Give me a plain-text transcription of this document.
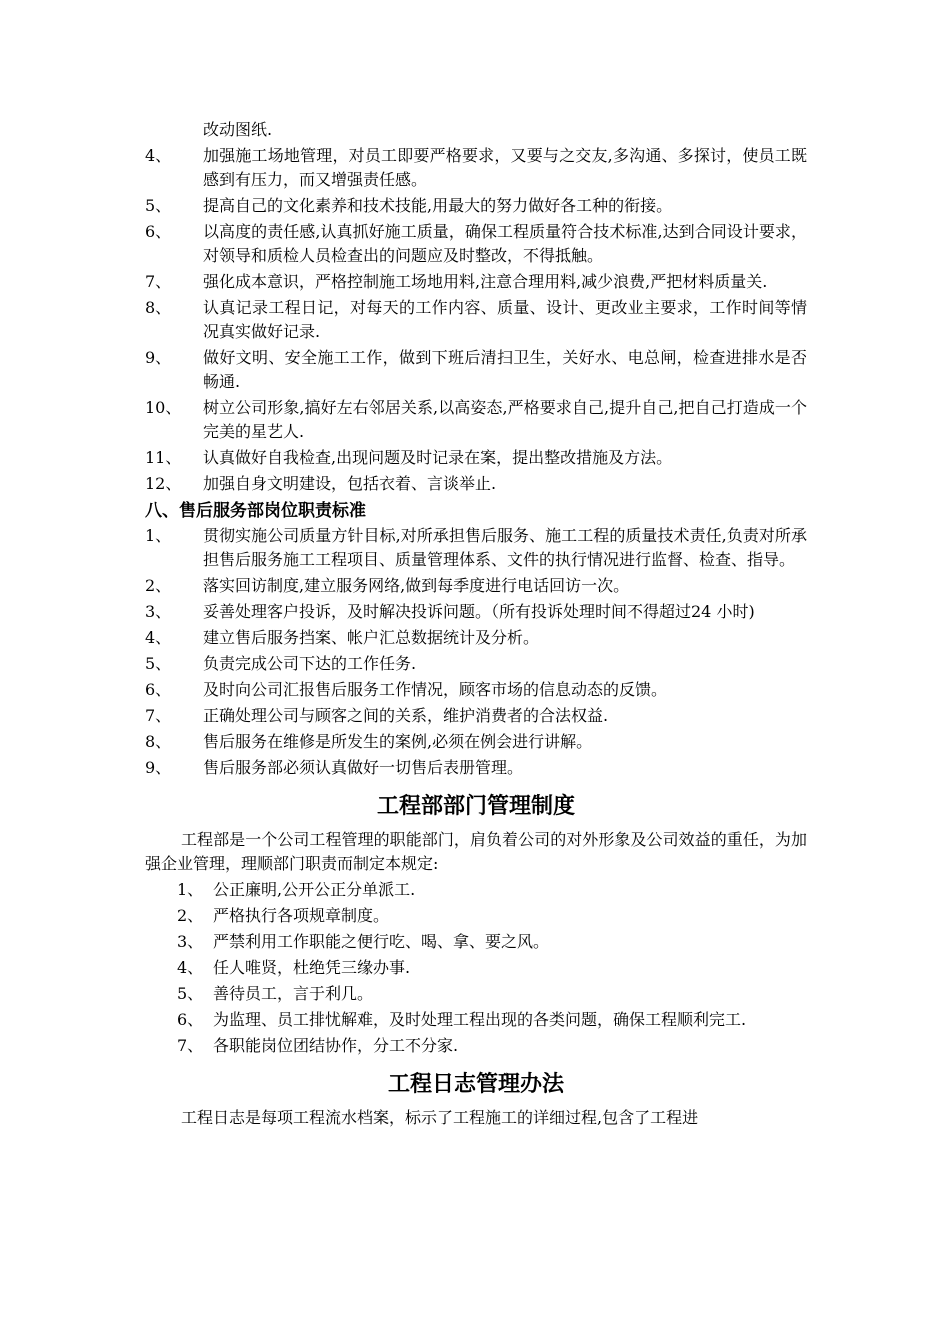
改动图纸.
4、	加强施工场地管理，对员工即要严格要求，又要与之交友,多沟通、多探讨，使员工既感到有压力，而又增强责任感。
5、	提高自己的文化素养和技术技能,用最大的努力做好各工种的衔接。
6、	以高度的责任感,认真抓好施工质量，确保工程质量符合技术标准,达到合同设计要求，对领导和质检人员检查出的问题应及时整改，不得抵触。
7、	强化成本意识，严格控制施工场地用料,注意合理用料,减少浪费,严把材料质量关.
8、	认真记录工程日记，对每天的工作内容、质量、设计、更改业主要求，工作时间等情况真实做好记录.
9、	做好文明、安全施工工作，做到下班后清扫卫生，关好水、电总闸，检查进排水是否畅通.
10、	树立公司形象,搞好左右邻居关系,以高姿态,严格要求自己,提升自己,把自己打造成一个完美的星艺人.
11、	认真做好自我检查,出现问题及时记录在案，提出整改措施及方法。
12、	加强自身文明建设，包括衣着、言谈举止.
八、售后服务部岗位职责标准
1、	贯彻实施公司质量方针目标,对所承担售后服务、施工工程的质量技术责任,负责对所承担售后服务施工工程项目、质量管理体系、文件的执行情况进行监督、检查、指导。
2、	落实回访制度,建立服务网络,做到每季度进行电话回访一次。
3、	妥善处理客户投诉，及时解决投诉问题。（所有投诉处理时间不得超过24 小时)
4、	建立售后服务挡案、帐户汇总数据统计及分析。
5、	负责完成公司下达的工作任务.
6、	及时向公司汇报售后服务工作情况，顾客市场的信息动态的反馈。
7、	正确处理公司与顾客之间的关系，维护消费者的合法权益.
8、	售后服务在维修是所发生的案例,必须在例会进行讲解。
9、	售后服务部必须认真做好一切售后表册管理。
工程部部门管理制度
工程部是一个公司工程管理的职能部门，肩负着公司的对外形象及公司效益的重任，为加强企业管理，理顺部门职责而制定本规定:
1、 公正廉明,公开公正分单派工.
2、 严格执行各项规章制度。
3、 严禁利用工作职能之便行吃、喝、拿、要之风。
4、 任人唯贤，杜绝凭三缘办事.
5、 善待员工，言于利几。
6、 为监理、员工排忧解难，及时处理工程出现的各类问题，确保工程顺利完工.
7、 各职能岗位团结协作，分工不分家.
工程日志管理办法
工程日志是每项工程流水档案，标示了工程施工的详细过程,包含了工程进
